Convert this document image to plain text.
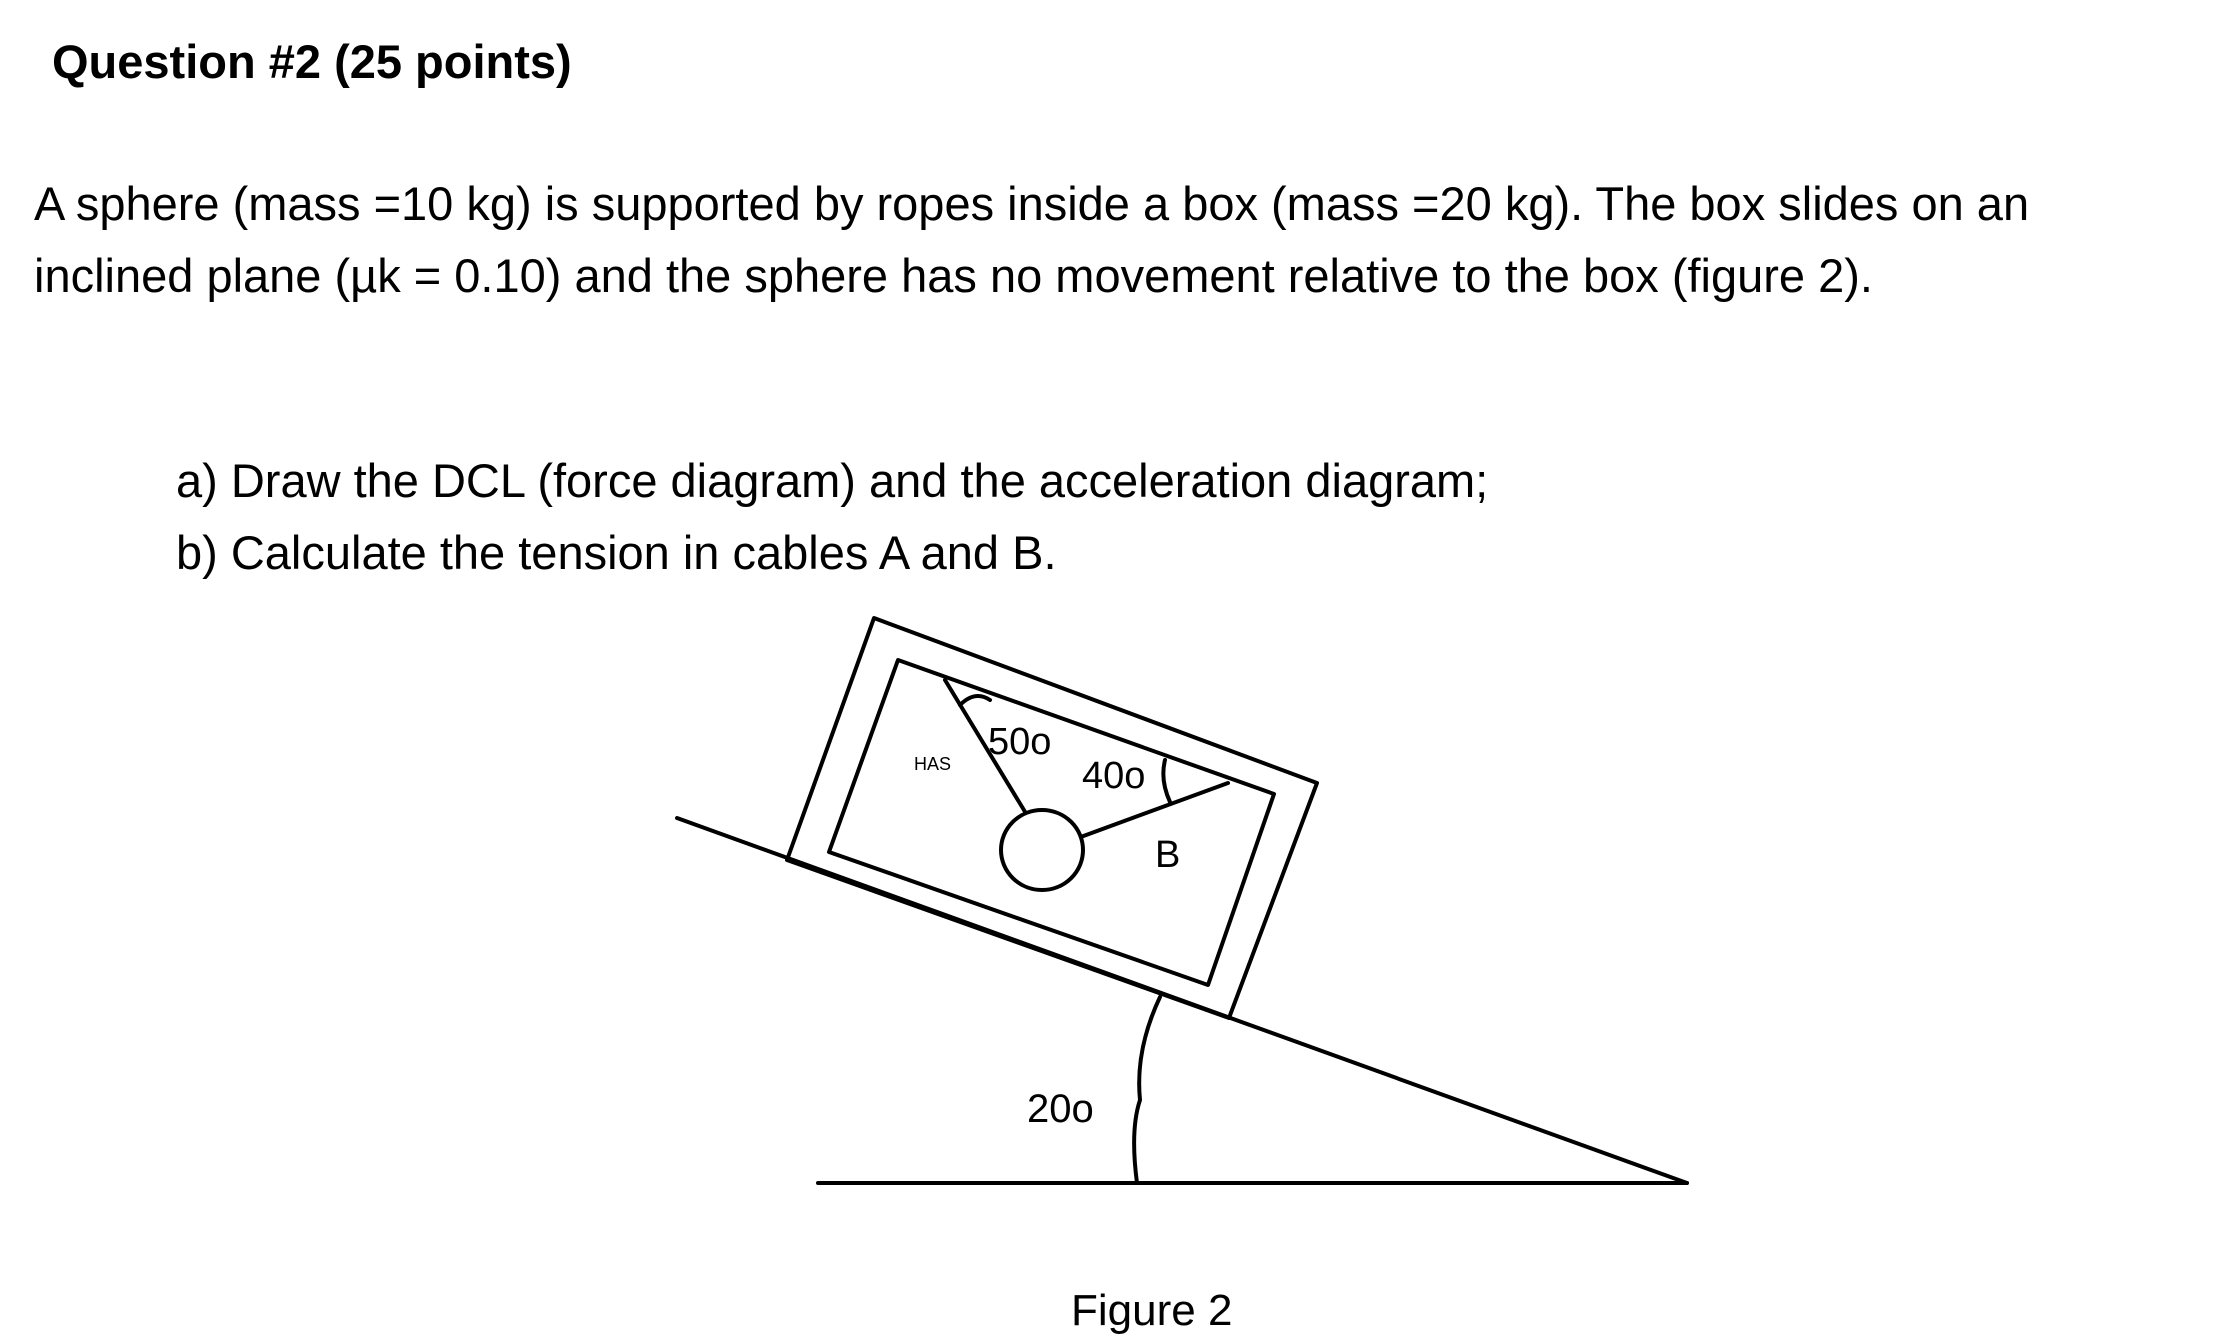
Question #2 (25 points)
A sphere (mass =10 kg) is supported by ropes inside a box (mass =20 kg). The box slides on an
inclined plane (µk = 0.10) and the sphere has no movement relative to the box (figure 2).
a) Draw the DCL (force diagram) and the acceleration diagram;
b) Calculate the tension in cables A and B.
HAS
50o
40o
B
20o
Figure 2
